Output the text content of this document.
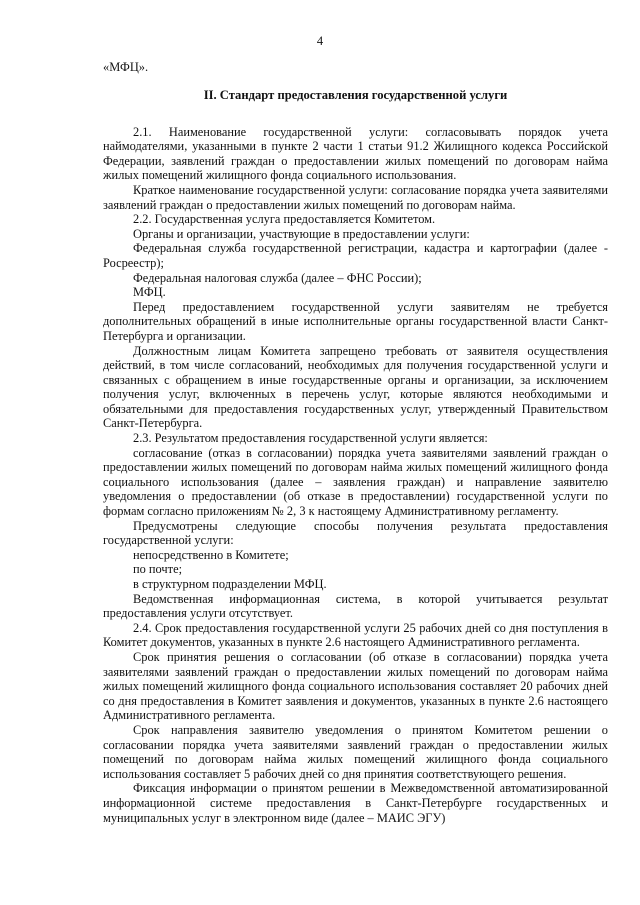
4

«МФЦ».

II. Стандарт предоставления государственной услуги

2.1. Наименование государственной услуги: согласовывать порядок учета наймодателями, указанными в пункте 2 части 1 статьи 91.2 Жилищного кодекса Российской Федерации, заявлений граждан о предоставлении жилых помещений по договорам найма жилых помещений жилищного фонда социального использования.

Краткое наименование государственной услуги: согласование порядка учета заявителями заявлений граждан о предоставлении жилых помещений по договорам найма.

2.2. Государственная услуга предоставляется Комитетом.

Органы и организации, участвующие в предоставлении услуги:

Федеральная служба государственной регистрации, кадастра и картографии (далее - Росреестр);

Федеральная налоговая служба (далее – ФНС России);

МФЦ.

Перед предоставлением государственной услуги заявителям не требуется дополнительных обращений в иные исполнительные органы государственной власти Санкт-Петербурга и организации.

Должностным лицам Комитета запрещено требовать от заявителя осуществления действий, в том числе согласований, необходимых для получения государственной услуги и связанных с обращением в иные государственные органы и организации, за исключением получения услуг, включенных в перечень услуг, которые являются необходимыми и обязательными для предоставления государственных услуг, утвержденный Правительством Санкт-Петербурга.

2.3. Результатом предоставления государственной услуги является:

согласование (отказ в согласовании) порядка учета заявителями заявлений граждан о предоставлении жилых помещений по договорам найма жилых помещений жилищного фонда социального использования (далее – заявления граждан) и направление заявителю уведомления о предоставлении (об отказе в предоставлении) государственной услуги по формам согласно приложениям № 2, 3 к настоящему Административному регламенту.

Предусмотрены следующие способы получения результата предоставления государственной услуги:

непосредственно в Комитете;

по почте;

в структурном подразделении МФЦ.

Ведомственная информационная система, в которой учитывается результат предоставления услуги отсутствует.

2.4. Срок предоставления государственной услуги 25 рабочих дней со дня поступления в Комитет документов, указанных в пункте 2.6 настоящего Административного регламента.

Срок принятия решения о согласовании (об отказе в согласовании) порядка учета заявителями заявлений граждан о предоставлении жилых помещений по договорам найма жилых помещений жилищного фонда социального использования составляет 20 рабочих дней со дня предоставления в Комитет заявления и документов, указанных в пункте 2.6 настоящего Административного регламента.

Срок направления заявителю уведомления о принятом Комитетом решении о согласовании порядка учета заявителями заявлений граждан о предоставлении жилых помещений по договорам найма жилых помещений жилищного фонда социального использования составляет 5 рабочих дней со дня принятия соответствующего решения.

Фиксация информации о принятом решении в Межведомственной автоматизированной информационной системе предоставления в Санкт-Петербурге государственных и муниципальных услуг в электронном виде (далее – МАИС ЭГУ)
